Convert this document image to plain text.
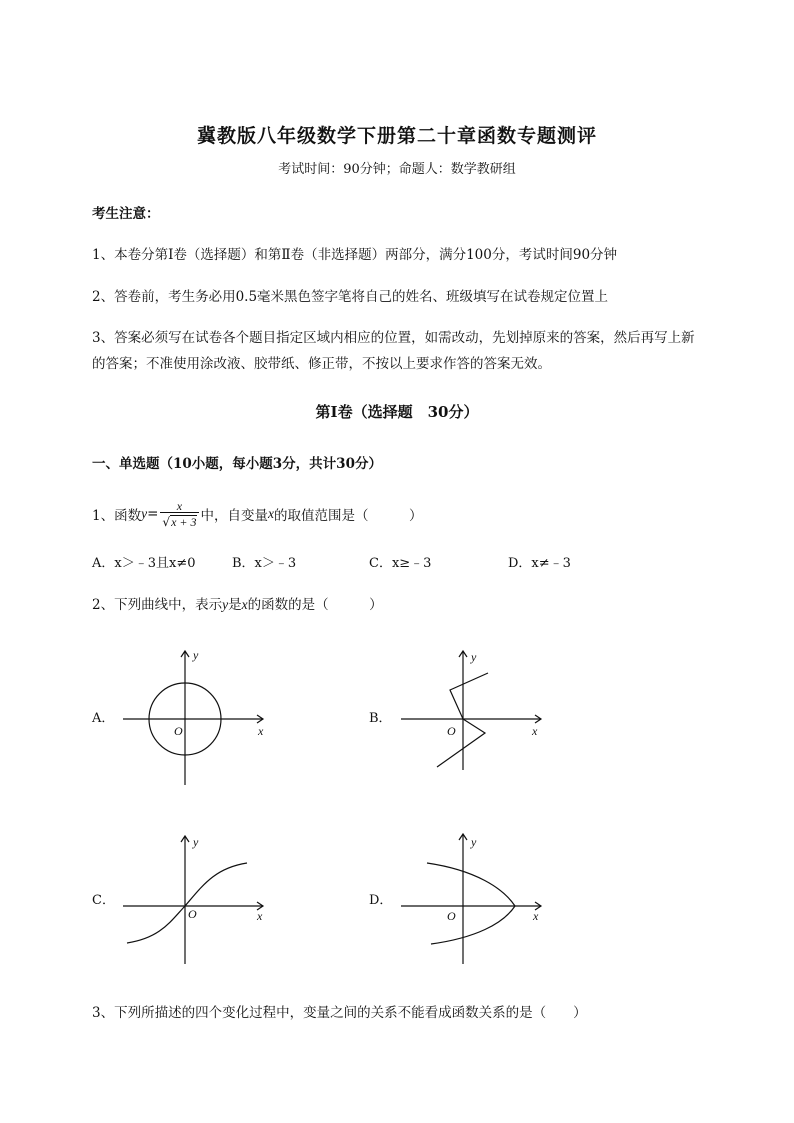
冀教版八年级数学下册第二十章函数专题测评
考试时间：90分钟；命题人：数学教研组
考生注意：
1、本卷分第I卷（选择题）和第Ⅱ卷（非选择题）两部分，满分100分，考试时间90分钟
2、答卷前，考生务必用0.5毫米黑色签字笔将自己的姓名、班级填写在试卷规定位置上
3、答案必须写在试卷各个题目指定区域内相应的位置，如需改动，先划掉原来的答案，然后再写上新
的答案；不准使用涂改液、胶带纸、修正带，不按以上要求作答的答案无效。
第I卷（选择题　30分）
一、单选题（10小题，每小题3分，共计30分）
1、函数 $y = \frac{x}{√x + 3}$ 中，自变量 x 的取值范围是（　　　）
A．x＞﹣3且x≠0	B．x＞﹣3	C．x≥﹣3	D．x≠﹣3
2、下列曲线中，表示y是x的函数的是（　　　）
A．
y
x
O
B．
y
x
O
C．
y
x
O
D．
y
x
O
3、下列所描述的四个变化过程中，变量之间的关系不能看成函数关系的是（　　）
